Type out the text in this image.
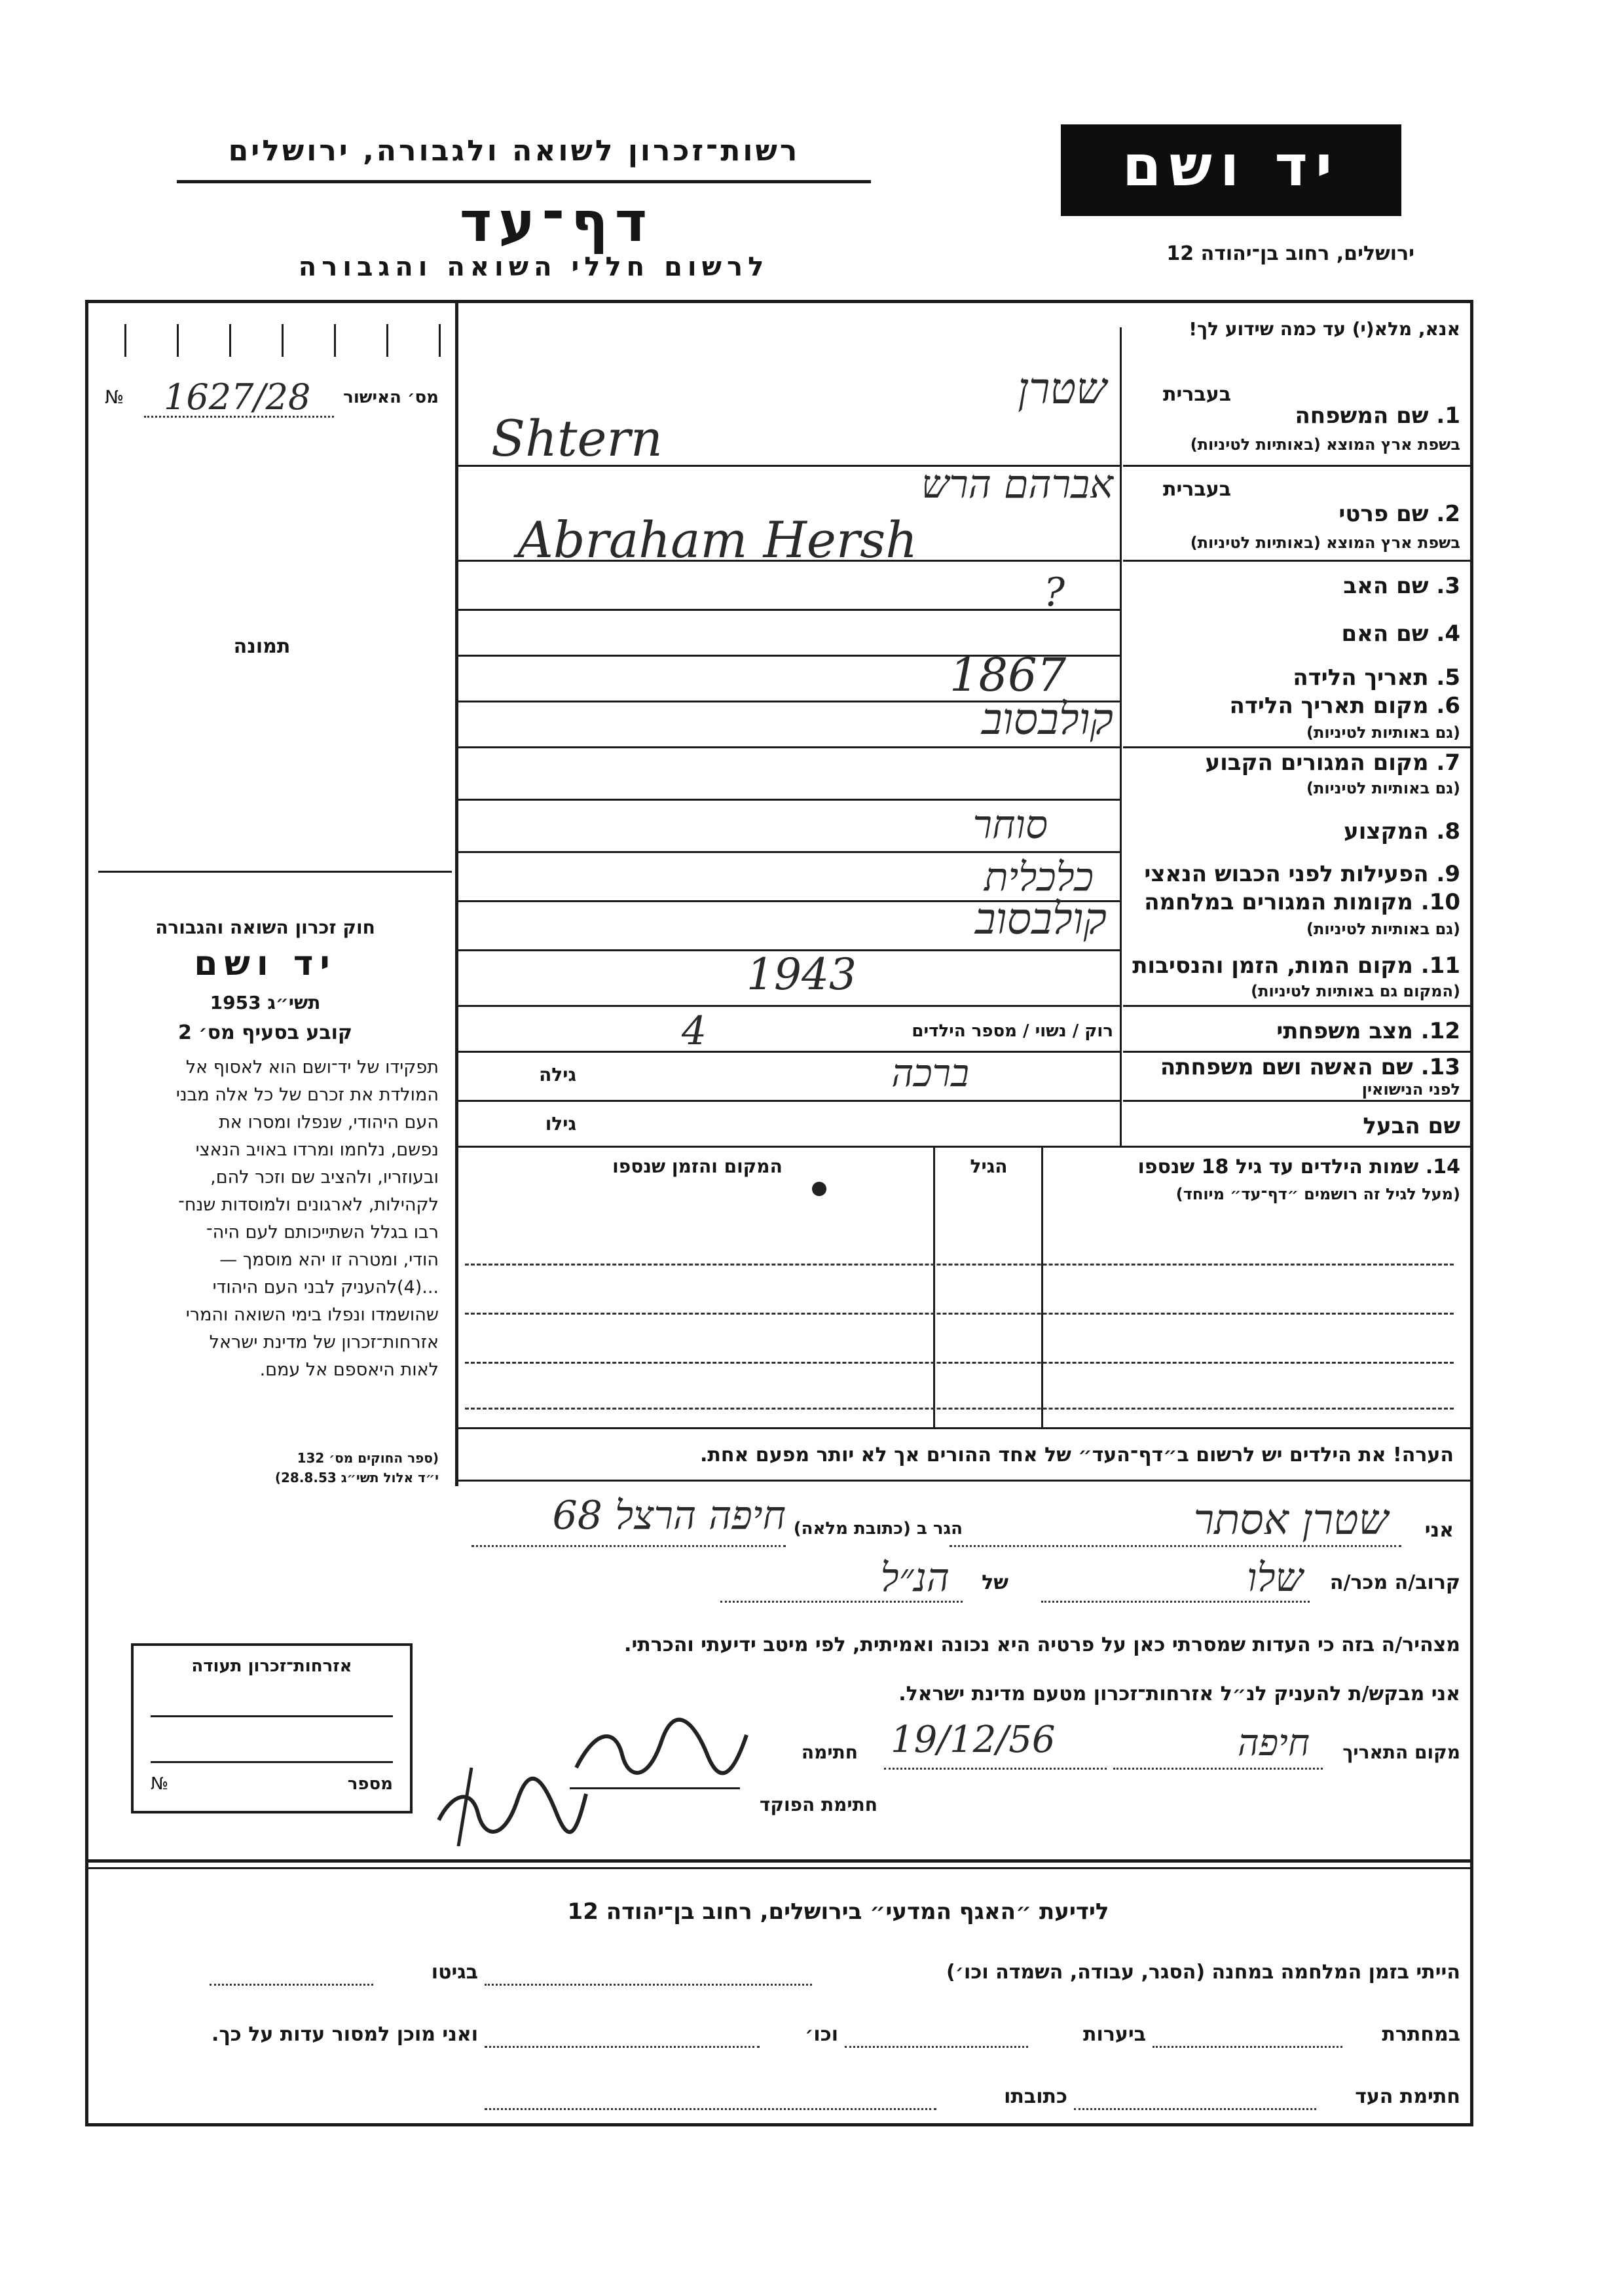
רשות־זכרון לשואה ולגבורה, ירושלים
דף־עד
לרשום חללי השואה והגבורה
יד ושם
ירושלים, רחוב בן־יהודה 12
אנא, מלא(י) עד כמה שידוע לך!
מס׳ האישור
№	1627/28
תמונה
חוק זכרון השואה והגבורה
יד ושם
תשי״ג 1953
קובע בסעיף מס׳ 2
תפקידו של יד־ושם הוא לאסוף אל
המולדת את זכרם של כל אלה מבני
העם היהודי, שנפלו ומסרו את
נפשם, נלחמו ומרדו באויב הנאצי
ובעוזריו, ולהציב שם וזכר להם,
לקהילות, לארגונים ולמוסדות שנח־
רבו בגלל השתייכותם לעם היה־
הודי, ומטרה זו יהא מוסמך —
...(4)להעניק לבני העם היהודי
שהושמדו ונפלו בימי השואה והמרי
אזרחות־זכרון של מדינת ישראל
לאות היאספם אל עמם.
(ספר החוקים מס׳ 132
י״ד אלול תשי״ג 28.8.53)
בעברית
1. שם המשפחה
בשפת ארץ המוצא (באותיות לטיניות)
שטרן
Shtern
בעברית
2. שם פרטי
בשפת ארץ המוצא (באותיות לטיניות)
אברהם הרש
Abraham Hersh
3. שם האב
?
4. שם האם
5. תאריך הלידה
1867
6. מקום תאריך הלידה
(גם באותיות לטיניות)
קולבסוב
7. מקום המגורים הקבוע
(גם באותיות לטיניות)
8. המקצוע
סוחר
9. הפעילות לפני הכבוש הנאצי
כלכלית
10. מקומות המגורים במלחמה
(גם באותיות לטיניות)
קולבסוב
11. מקום המות, הזמן והנסיבות
(המקום גם באותיות לטיניות)
1943
12. מצב משפחתי
רוק / נשוי / מספר הילדים
4
13. שם האשה ושם משפחתה
לפני הנישואין
גילה	ברכה
שם הבעל
גילו
14. שמות הילדים עד גיל 18 שנספו
(מעל לגיל זה רושמים ״דף־עד״ מיוחד)
הגיל
המקום והזמן שנספו
הערה! את הילדים יש לרשום ב״דף־העד״ של אחד ההורים אך לא יותר מפעם אחת.
אני
שטרן אסתר
הגר ב (כתובת מלאה)
חיפה הרצל 68
קרוב/ה מכר/ה
שלו
של
הנ״ל
מצהיר/ה בזה כי העדות שמסרתי כאן על פרטיה היא נכונה ואמיתית, לפי מיטב ידיעתי והכרתי.
אני מבקש/ת להעניק לנ״ל אזרחות־זכרון מטעם מדינת ישראל.
מקום התאריך
חיפה
19/12/56
חתימה
חתימת הפוקד
אזרחות־זכרון תעודה
מספר
№
לידיעת ״האגף המדעי״ בירושלים, רחוב בן־יהודה 12
הייתי בזמן המלחמה במחנה (הסגר, עבודה, השמדה וכו׳)
בגיטו
במחתרת
ביערות
וכו׳
ואני מוכן למסור עדות על כך.
חתימת העד
כתובתו
